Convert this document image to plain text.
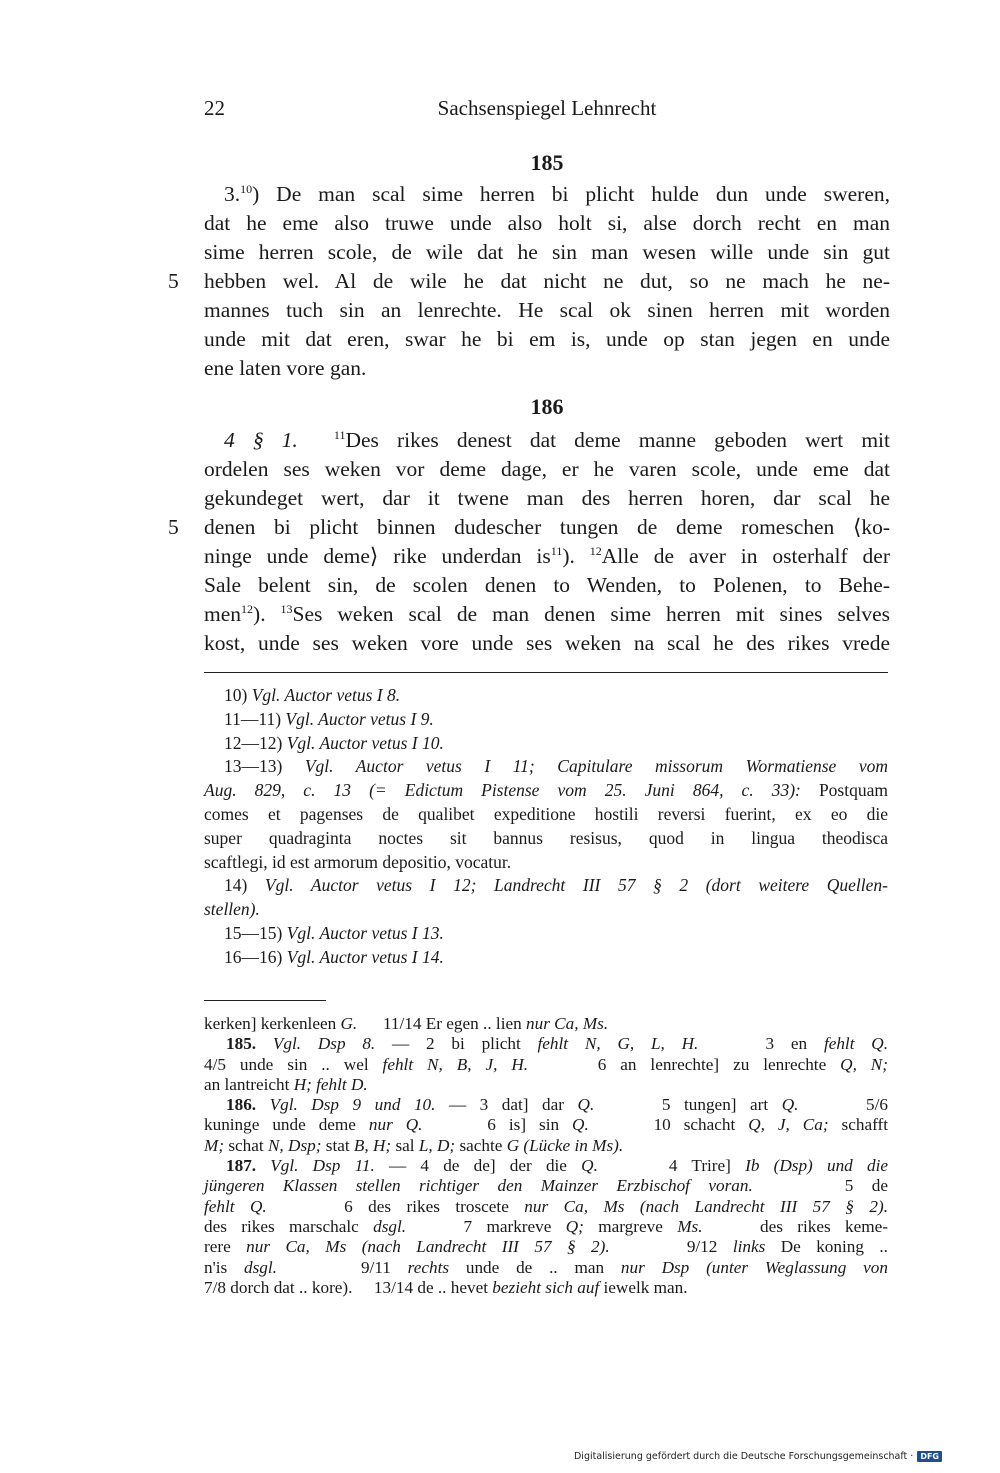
22	Sachsenspiegel Lehnrecht
185
3.10) De man scal sime herren bi plicht hulde dun unde sweren,
dat he eme also truwe unde also holt si, alse dorch recht en man
sime herren scole, de wile dat he sin man wesen wille unde sin gut
5 hebben wel. Al de wile he dat nicht ne dut, so ne mach he ne-
mannes tuch sin an lenrechte. He scal ok sinen herren mit worden
unde mit dat eren, swar he bi em is, unde op stan jegen en unde
ene laten vore gan.
186
4 § 1.	$^{11}$Des rikes denest dat deme manne geboden wert mit
ordelen ses weken vor deme dage, er he varen scole, unde eme dat
gekundeget wert, dar it twene man des herren horen, dar scal he
5 denen bi plicht binnen dudescher tungen de deme romeschen ⟨ko-
ninge unde deme⟩ rike underdan $is^{11}$). $^{12}$Alle de aver in osterhalf der
Sale belent sin, de scolen denen to Wenden, to Polenen, to Behe-
men$^{12}$). $^{13}$Ses weken scal de man denen sime herren mit sines selves
kost, unde ses weken vore unde ses weken na scal he des rikes vrede
10) Vgl. Auctor vetus I 8.
11—11) Vgl. Auctor vetus I 9.
12—12) Vgl. Auctor vetus I 10.
13—13) Vgl. Auctor vetus I 11; Capitulare missorum Wormatiense vom
Aug. 829, c. 13 (= Edictum Pistense vom 25. Juni 864, c. 33): Postquam
comes et pagenses de qualibet expeditione hostili reversi fuerint, ex eo die
super quadraginta noctes sit bannus resisus, quod in lingua theodisca
scaftlegi, id est armorum depositio, vocatur.
14) Vgl. Auctor vetus I 12; Landrecht III 57 § 2 (dort weitere Quellen-
stellen).
15—15) Vgl. Auctor vetus I 13.
16—16) Vgl. Auctor vetus I 14.
kerken] kerkenleen G.      11/14 Er egen .. lien nur Ca, Ms.
185. Vgl. Dsp 8. — 2 bi plicht fehlt N, G, L, H.    3 en fehlt Q.
4/5 unde sin .. wel fehlt N, B, J, H.     6 an lenrechte] zu lenrechte Q, N;
an lantreicht H; fehlt D.
186. Vgl. Dsp 9 und 10. — 3 dat] dar Q.     5 tungen] art Q.     5/6
kuninge unde deme nur Q.     6 is] sin Q.     10 schacht Q, J, Ca; schafft
M; schat N, Dsp; stat B, H; sal L, D; sachte G (Lücke in Ms).
187. Vgl. Dsp 11. — 4 de de] der die Q.     4 Trire] Ib (Dsp) und die
jüngeren Klassen stellen richtiger den Mainzer Erzbischof voran.     5 de
fehlt Q.     6 des rikes troscete nur Ca, Ms (nach Landrecht III 57 § 2).
des rikes marschalc dsgl.    7 markreve Q; margreve Ms.    des rikes keme-
rere nur Ca, Ms (nach Landrecht III 57 § 2).     9/12 links De koning ..
n'is dsgl.     9/11 rechts unde de .. man nur Dsp (unter Weglassung von
7/8 dorch dat .. kore).     13/14 de .. hevet bezieht sich auf iewelk man.
Digitalisierung gefördert durch die Deutsche Forschungsgemeinschaft · DFG
